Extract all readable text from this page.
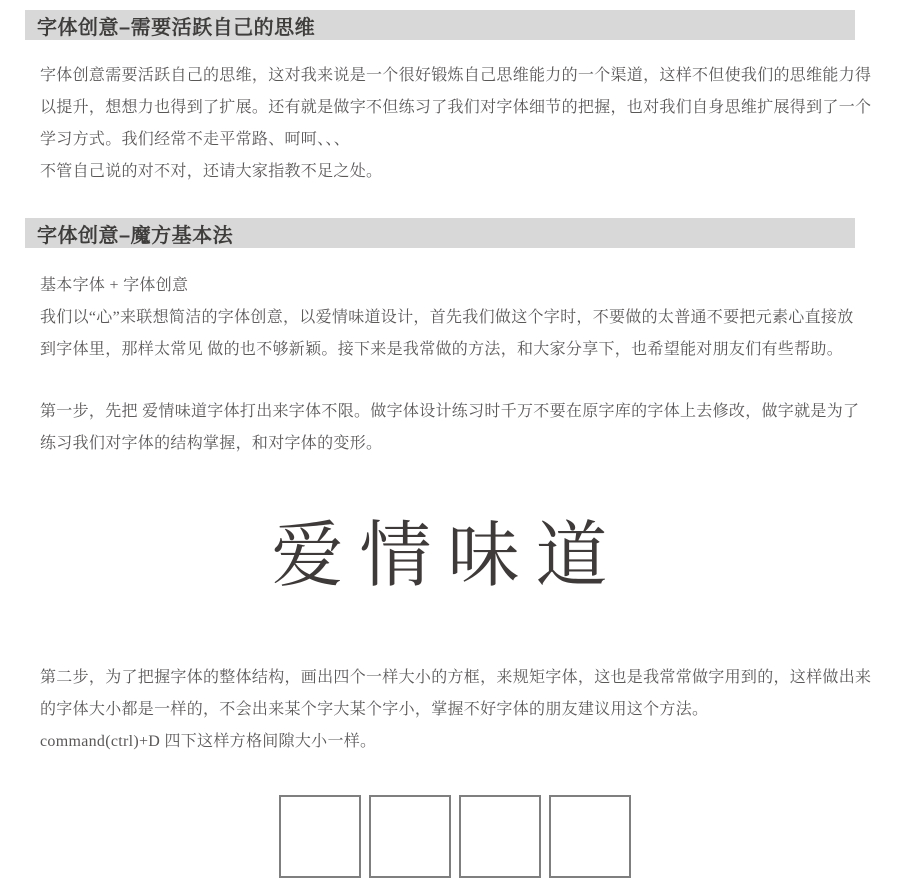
字体创意–需要活跃自己的思维
字体创意需要活跃自己的思维，这对我来说是一个很好锻炼自己思维能力的一个渠道，这样不但使我们的思维能力得
以提升，想想力也得到了扩展。还有就是做字不但练习了我们对字体细节的把握，也对我们自身思维扩展得到了一个
学习方式。我们经常不走平常路、呵呵、、、
不管自己说的对不对，还请大家指教不足之处。
字体创意–魔方基本法
基本字体 + 字体创意
我们以“心”来联想简洁的字体创意，以爱情味道设计，首先我们做这个字时，不要做的太普通不要把元素心直接放
到字体里，那样太常见 做的也不够新颖。接下来是我常做的方法，和大家分享下，也希望能对朋友们有些帮助。
第一步，先把 爱情味道字体打出来字体不限。做字体设计练习时千万不要在原字库的字体上去修改，做字就是为了
练习我们对字体的结构掌握，和对字体的变形。
爱情味道
第二步，为了把握字体的整体结构，画出四个一样大小的方框，来规矩字体，这也是我常常做字用到的，这样做出来
的字体大小都是一样的，不会出来某个字大某个字小，掌握不好字体的朋友建议用这个方法。
command(ctrl)+D 四下这样方格间隙大小一样。
